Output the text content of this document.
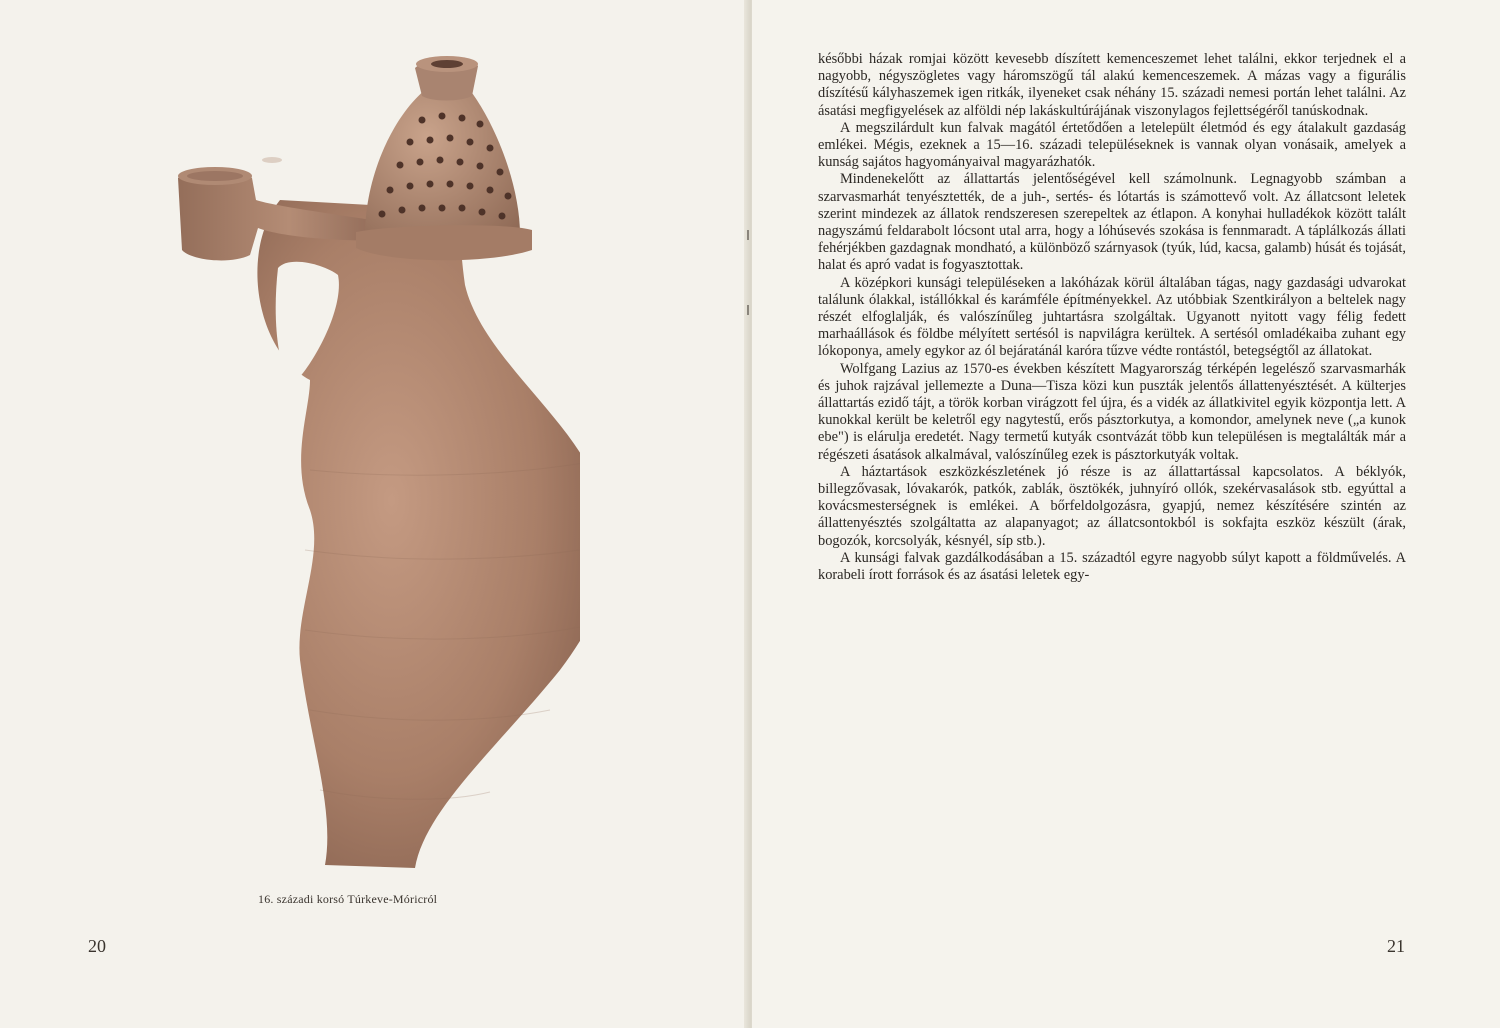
16. századi korsó Túrkeve-Móricról
20

későbbi házak romjai között kevesebb díszített kemenceszemet lehet találni, ekkor terjednek el a nagyobb, négyszögletes vagy háromszögű tál alakú kemenceszemek. A mázas vagy a figurális díszítésű kályhaszemek igen ritkák, ilyeneket csak néhány 15. századi nemesi portán lehet találni. Az ásatási megfigyelések az alföldi nép lakáskultúrájának viszonylagos fejlettségéről tanúskodnak.

A megszilárdult kun falvak magától értetődően a letelepült életmód és egy átalakult gazdaság emlékei. Mégis, ezeknek a 15—16. századi településeknek is vannak olyan vonásaik, amelyek a kunság sajátos hagyományaival magyarázhatók.

Mindenekelőtt az állattartás jelentőségével kell számolnunk. Legnagyobb számban a szarvasmarhát tenyésztették, de a juh-, sertés- és lótartás is számottevő volt. Az állatcsont leletek szerint mindezek az állatok rendszeresen szerepeltek az étlapon. A konyhai hulladékok között talált nagyszámú feldarabolt lócsont utal arra, hogy a lóhúsevés szokása is fennmaradt. A táplálkozás állati fehérjékben gazdagnak mondható, a különböző szárnyasok (tyúk, lúd, kacsa, galamb) húsát és tojását, halat és apró vadat is fogyasztottak.

A középkori kunsági településeken a lakóházak körül általában tágas, nagy gazdasági udvarokat találunk ólakkal, istállókkal és karámféle építményekkel. Az utóbbiak Szentkirályon a beltelek nagy részét elfoglalják, és valószínűleg juhtartásra szolgáltak. Ugyanott nyitott vagy félig fedett marhaállások és földbe mélyített sertésól is napvilágra kerültek. A sertésól omladékaiba zuhant egy lókoponya, amely egykor az ól bejáratánál karóra tűzve védte rontástól, betegségtől az állatokat.

Wolfgang Lazius az 1570-es években készített Magyarország térképén legelésző szarvasmarhák és juhok rajzával jellemezte a Duna—Tisza közi kun puszták jelentős állattenyésztését. A külterjes állattartás ezidő tájt, a török korban virágzott fel újra, és a vidék az állatkivitel egyik központja lett. A kunokkal került be keletről egy nagytestű, erős pásztorkutya, a komondor, amelynek neve („a kunok ebe") is elárulja eredetét. Nagy termetű kutyák csontvázát több kun településen is megtalálták már a régészeti ásatások alkalmával, valószínűleg ezek is pásztorkutyák voltak.

A háztartások eszközkészletének jó része is az állattartással kapcsolatos. A béklyók, billegzővasak, lóvakarók, patkók, zablák, ösztökék, juhnyíró ollók, szekérvasalások stb. egyúttal a kovácsmesterségnek is emlékei. A bőrfeldolgozásra, gyapjú, nemez készítésére szintén az állattenyésztés szolgáltatta az alapanyagot; az állatcsontokból is sokfajta eszköz készült (árak, bogozók, korcsolyák, késnyél, síp stb.).

A kunsági falvak gazdálkodásában a 15. századtól egyre nagyobb súlyt kapott a földművelés. A korabeli írott források és az ásatási leletek egy-

21
